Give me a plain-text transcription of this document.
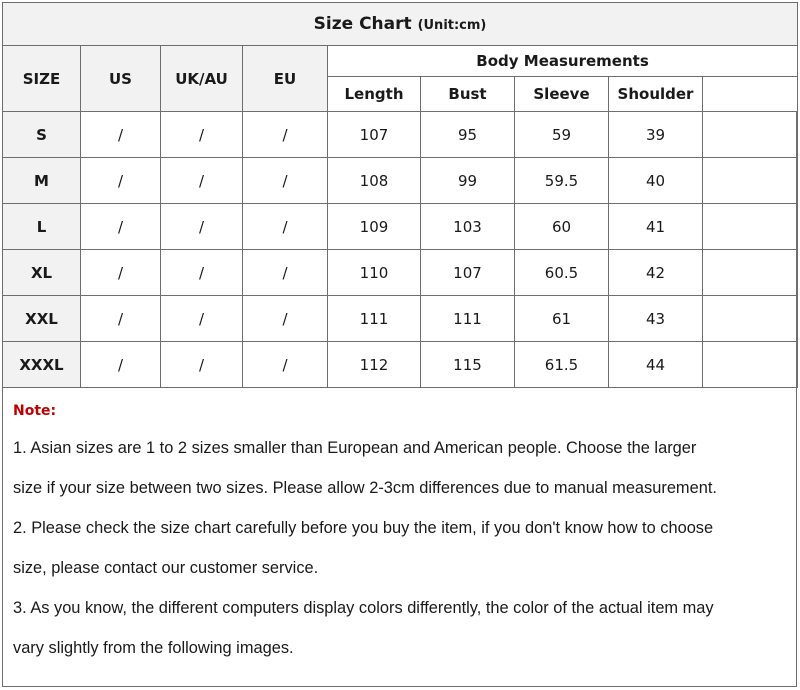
Size Chart (Unit:cm)								
SIZE	US	UK/AU	EU	Body Measurements				
				Length	Bust	Sleeve	Shoulder	
S	/	/	/	107	95	59	39	
M	/	/	/	108	99	59.5	40	
L	/	/	/	109	103	60	41	
XL	/	/	/	110	107	60.5	42	
XXL	/	/	/	111	111	61	43	
XXXL	/	/	/	112	115	61.5	44	
Note:

1. Asian sizes are 1 to 2 sizes smaller than European and American people. Choose the larger

size if your size between two sizes. Please allow 2-3cm differences due to manual measurement.

2. Please check the size chart carefully before you buy the item, if you don't know how to choose

size, please contact our customer service.

3. As you know, the different computers display colors differently, the color of the actual item may

vary slightly from the following images.
